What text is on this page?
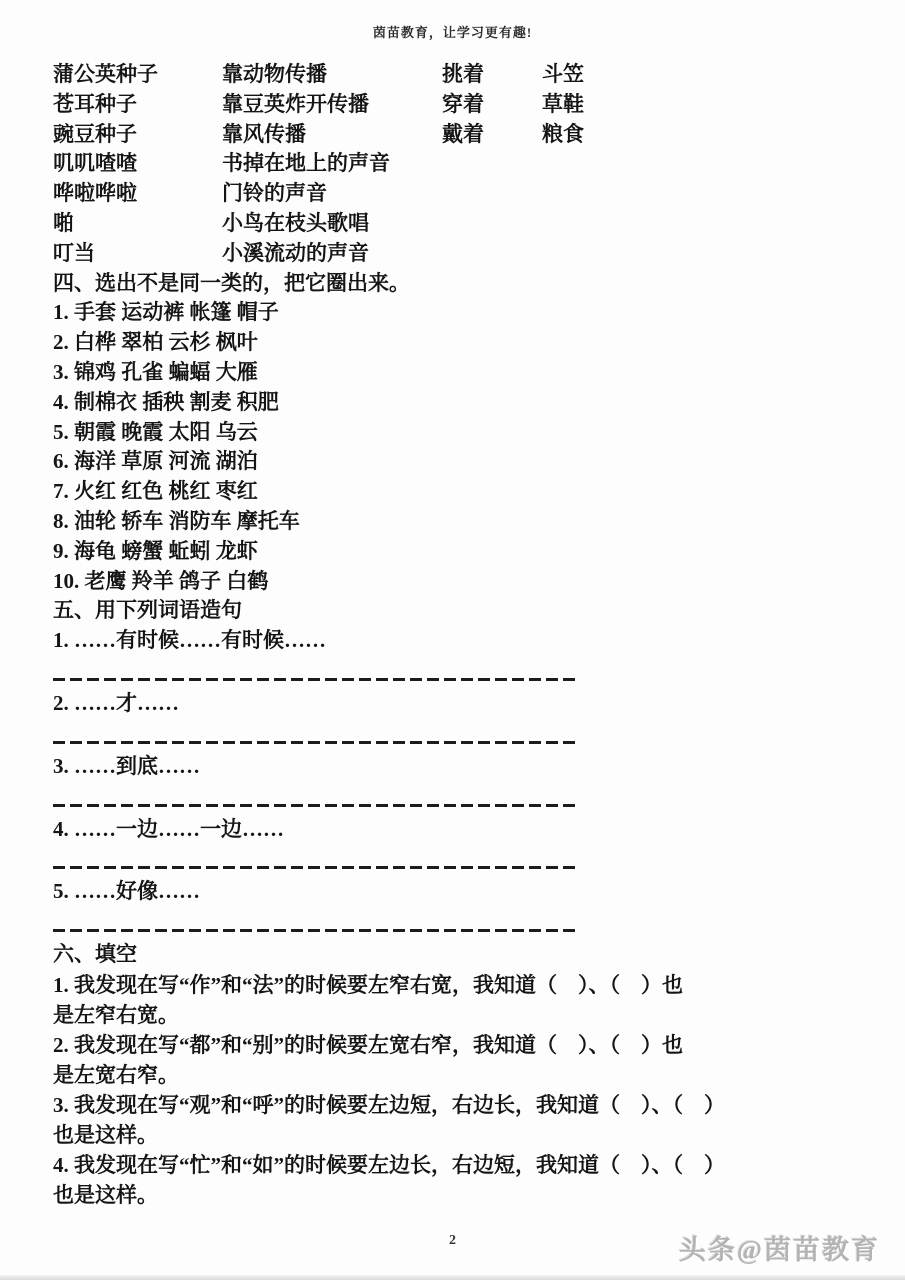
茵苗教育，让学习更有趣!
蒲公英种子	靠动物传播	挑着	斗笠
苍耳种子	靠豆英炸开传播	穿着	草鞋
豌豆种子	靠风传播	戴着	粮食
叽叽喳喳	书掉在地上的声音
哗啦哗啦	门铃的声音
啪	小鸟在枝头歌唱
叮当	小溪流动的声音
四、选出不是同一类的，把它圈出来。
1. 手套 运动裤 帐篷 帽子
2. 白桦 翠柏 云杉 枫叶
3. 锦鸡 孔雀 蝙蝠 大雁
4. 制棉衣 插秧 割麦 积肥
5. 朝霞 晚霞 太阳 乌云
6. 海洋 草原 河流 湖泊
7. 火红 红色 桃红 枣红
8. 油轮 轿车 消防车 摩托车
9. 海龟 螃蟹 蚯蚓 龙虾
10. 老鹰 羚羊 鸽子 白鹤
五、用下列词语造句
1. ……有时候……有时候……
2. ……才……
3. ……到底……
4. ……一边……一边……
5. ……好像……
六、填空
1. 我发现在写“作”和“法”的时候要左窄右宽，我知道（　）、（　）也
是左窄右宽。
2. 我发现在写“都”和“别”的时候要左宽右窄，我知道（　）、（　）也
是左宽右窄。
3. 我发现在写“观”和“呼”的时候要左边短，右边长，我知道（　）、（　）
也是这样。
4. 我发现在写“忙”和“如”的时候要左边长，右边短，我知道（　）、（　）
也是这样。
2	头条@茵苗教育
